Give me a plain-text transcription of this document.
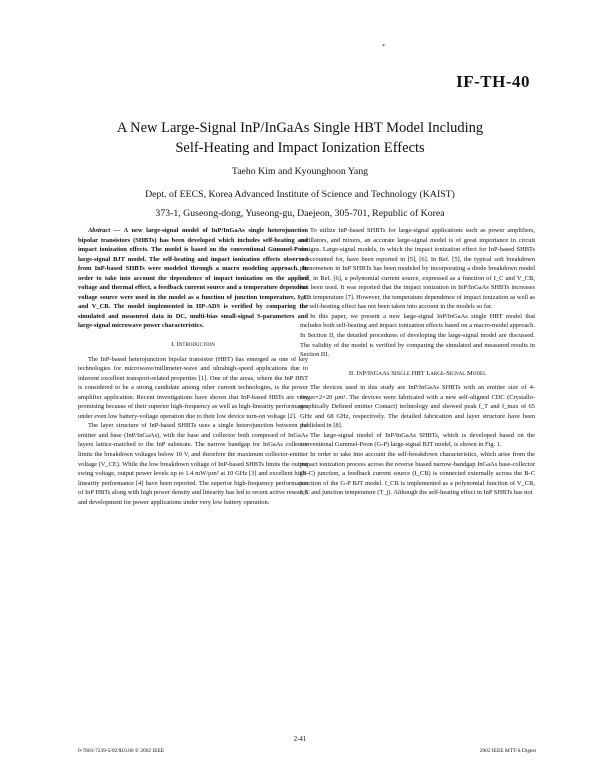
*
IF-TH-40
A New Large-Signal InP/InGaAs Single HBT Model Including
Self-Heating and Impact Ionization Effects
Taeho Kim and Kyounghoon Yang
Dept. of EECS, Korea Advanced Institute of Science and Technology (KAIST)
373-1, Guseong-dong, Yuseong-gu, Daejeon, 305-701, Republic of Korea

Abstract — A new large-signal model of InP/InGaAs single heterojunction bipolar transistors (SHBTs) has been developed which includes self-heating and impact ionization effects. The model is based on the conventional Gummel-Poon large-signal BJT model. The self-heating and impact ionization effects observed from InP-based SHBTs were modeled through a macro modeling approach. In order to take into account the dependence of impact ionization on the applied voltage and thermal effect, a feedback current source and a temperature dependent voltage source were used in the model as a function of junction temperature, I_C and V_CB. The model implemented in HP-ADS is verified by comparing the simulated and measured data in DC, multi-bias small-signal S-parameters and large-signal microwave power characteristics.

I. Introduction

The InP-based heterojunction bipolar transistor (HBT) has emerged as one of key technologies for microwave/millimeter-wave and ultrahigh-speed applications due to inherent excellent transport-related properties [1]. One of the areas, where the InP HBT is considered to be a strong candidate among other current technologies, is the power amplifier application. Recent investigations have shown that InP-based HBTs are very promising because of their superior high-frequency as well as high-linearity performance under even low battery-voltage operation due to their low device turn-on voltage [2].

The layer structure of InP-based SHBTs uses a single heterojunction between the emitter and base (InP/InGaAs), with the base and collector both composed of InGaAs layers lattice-matched to the InP substrate. The narrow bandgap for InGaAs collector limits the breakdown voltages below 10 V, and therefore the maximum collector-emitter voltage (V_CE). While the low breakdown voltage of InP-based SHBTs limits the output swing voltage, output power levels up to 1.4 mW/µm² at 10 GHz [3] and excellent high-linearity performance [4] have been reported. The superior high-frequency performance of InP HBTs along with high power density and linearity has led to recent active research and development for power applications under very low battery operation.

To utilize InP-based SHBTs for large-signal applications such as power amplifiers, oscillators, and mixers, an accurate large-signal model is of great importance in circuit designs. Large-signal models, in which the impact ionization effect for InP-based SHBTs is accounted for, have been reported in [5], [6]. In Ref. [5], the typical soft breakdown phenomenon in InP SHBTs has been modeled by incorporating a diode breakdown model and, in Ref. [6], a polynomial current source, expressed as a function of I_C and V_CB, has been used. It was reported that the impact ionization in InP/InGaAs SHBTs increases with temperature [7]. However, the temperature dependence of impact ionization as well as the self-heating effect has not been taken into account in the models so far.

In this paper, we present a new large-signal InP/InGaAs single HBT model that includes both self-heating and impact ionization effects based on a macro-model approach. In Section II, the detailed procedures of developing the large-signal model are discussed. The validity of the model is verified by comparing the simulated and measured results in Section III.

II. InP/InGaAs Single HBT Large-Signal Model

The devices used in this study are InP/InGaAs SHBTs with an emitter size of 4-finger×2×20 µm². The devices were fabricated with a new self-aligned CDC (Crystallo-graphically Defined emitter Contact) technology and showed peak f_T and f_max of 65 GHz and 68 GHz, respectively. The detailed fabrication and layer structure have been published in [8].

The large-signal model of InP/InGaAs SHBTs, which is developed based on the conventional Gummel-Poon (G-P) large-signal BJT model, is shown in Fig. 1.

In order to take into account the self-breakdown characteristics, which arise from the impact ionization process across the reverse biased narrow-bandgap InGaAs base-collector (B-C) junction, a feedback current source (I_CB) is connected externally across the B-C junction of the G-P BJT model. I_CB is implemented as a polynomial function of V_CB, I_C and junction temperature (T_j). Although the self-heating effect in InP SHBTs has not

2-41
0-7803-7239-5/02/$10.00 © 2002 IEEE	2002 IEEE MTT-S Digest
